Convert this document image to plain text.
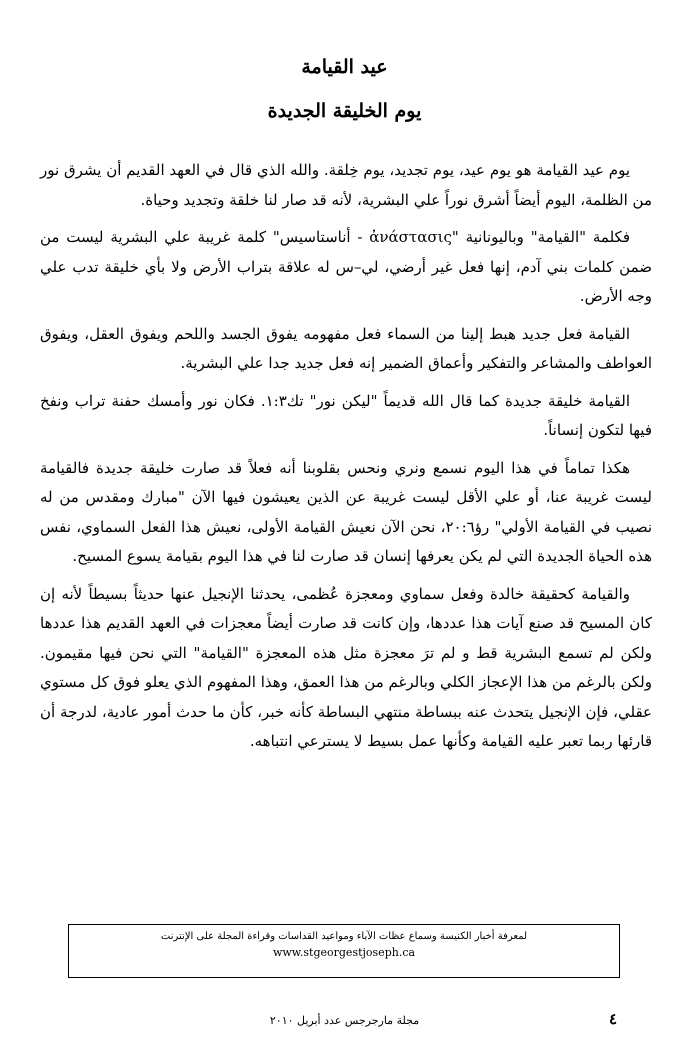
عيد القيامة
يوم الخليقة الجديدة

يوم عيد القيامة هو يوم عيد، يوم تجديد، يوم خِلقة. والله الذي قال في العهد القديم أن يشرق نور من الظلمة، اليوم أيضاً أشرق نوراً علي البشرية، لأنه قد صار لنا خلقة وتجديد وحياة.

فكلمة "القيامة" وباليونانية "ἀνάστασις - أناستاسيس" كلمة غريبة علي البشرية ليست من ضمن كلمات بني آدم، إنها فعل غير أرضي، لي–س له علاقة بتراب الأرض ولا بأي خليقة تدب علي وجه الأرض.

القيامة فعل جديد هبط إلينا من السماء فعل مفهومه يفوق الجسد واللحم ويفوق العقل، ويفوق العواطف والمشاعر والتفكير وأعماق الضمير إنه فعل جديد جدا علي البشرية.

القيامة خليقة جديدة كما قال الله قديماً "ليكن نور" تك١:٣. فكان نور وأمسك حفنة تراب ونفخ فيها لتكون إنساناً.

هكذا تماماً في هذا اليوم نسمع ونري ونحس بقلوبنا أنه فعلاً قد صارت خليقة جديدة فالقيامة ليست غريبة عنا، أو علي الأقل ليست غريبة عن الذين يعيشون فيها الآن "مبارك ومقدس من له نصيب في القيامة الأولي" رؤ٢٠:٦، نحن الآن نعيش القيامة الأولى، نعيش هذا الفعل السماوي، نفس هذه الحياة الجديدة التي لم يكن يعرفها إنسان قد صارت لنا في هذا اليوم بقيامة يسوع المسيح.

والقيامة كحقيقة خالدة وفعل سماوي ومعجزة عُظمى، يحدثنا الإنجيل عنها حديثاً بسيطاً لأنه إن كان المسيح قد صنع آيات هذا عددها، وإن كانت قد صارت أيضاً معجزات في العهد القديم هذا عددها ولكن لم تسمع البشرية قط و لم ترَ معجزة مثل هذه المعجزة "القيامة" التي نحن فيها مقيمون. ولكن بالرغم من هذا الإعجاز الكلي وبالرغم من هذا العمق، وهذا المفهوم الذي يعلو فوق كل مستوي عقلي، فإن الإنجيل يتحدث عنه ببساطة منتهي البساطة كأنه خبر، كأن ما حدث أمور عادية، لدرجة أن قارئها ربما تعبر عليه القيامة وكأنها عمل بسيط لا يسترعي انتباهه.

لمعرفة أخبار الكنيسة وسماع عظات الآباء ومواعيد القداسات وقراءة المجلة على الإنترنت
www.stgeorgestjoseph.ca
٤
مجلة مارجرجس عدد أبريل ٢٠١٠
